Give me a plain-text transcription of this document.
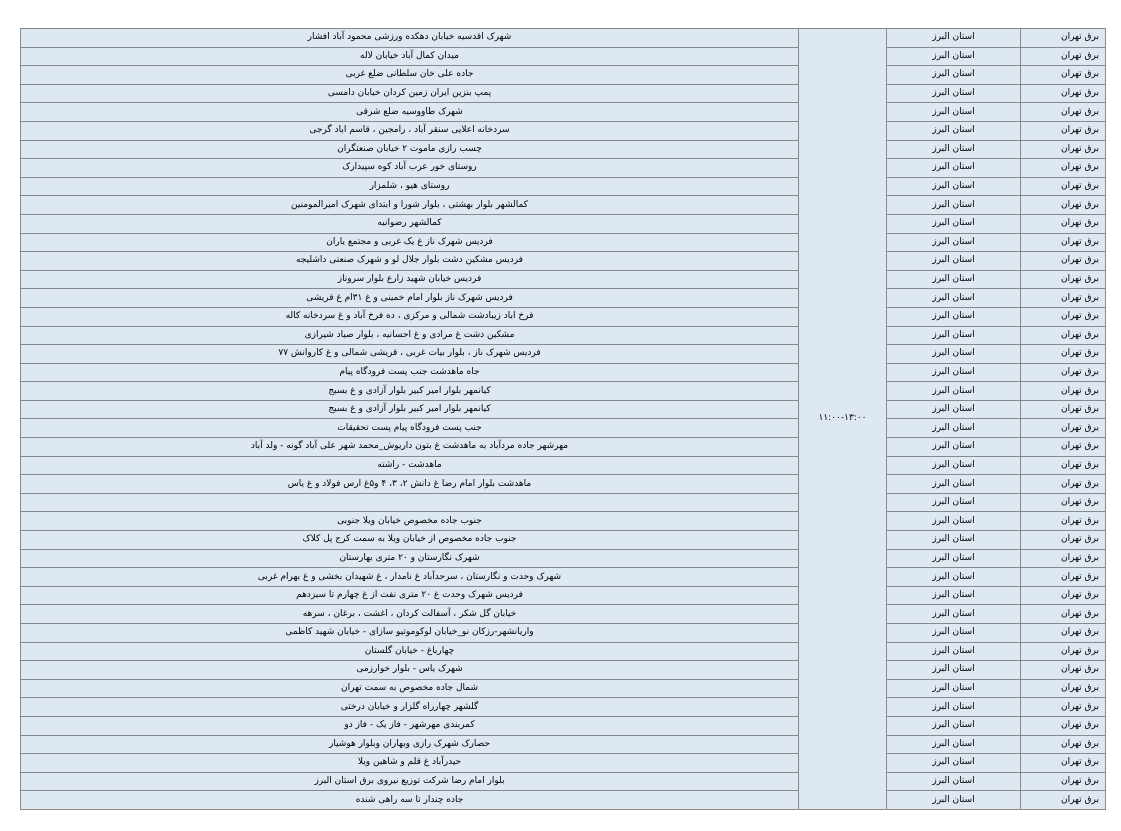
برق تهران	استان البرز	۱۱:۰۰-۱۳:۰۰	شهرک اقدسیه خیابان دهکده ورزشی محمود آباد افشار
برق تهران	استان البرز		میدان کمال آباد خیابان لاله
برق تهران	استان البرز		جاده علی خان سلطانی ضلع غربی
برق تهران	استان البرز		پمپ بنزین ایران زمین کردان خیابان دامسی
برق تهران	استان البرز		شهرک طاووسیه ضلع شرقی
برق تهران	استان البرز		سردخانه اعلایی سنقر آباد ، رامجین ، قاسم اباد گرجی
برق تهران	استان البرز		چسب رازی ماموت ۲ خیابان صنعتگران
برق تهران	استان البرز		روستای خور عرب آباد کوه سپیدارک
برق تهران	استان البرز		روستای هیو ، شلمزار
برق تهران	استان البرز		کمالشهر بلوار بهشتی ، بلوار شورا و ابتدای شهرک امیرالمومنین
برق تهران	استان البرز		کمالشهر رضوانیه
برق تهران	استان البرز		فردیس شهرک ناز غ یک غربی و مجتمع یاران
برق تهران	استان البرز		فردیس مشکین دشت بلوار جلال لو و شهرک صنعتی داشلیجه
برق تهران	استان البرز		فردیس خیابان شهید زارع بلوار سروناز
برق تهران	استان البرز		فردیس شهرک ناز بلوار امام خمینی و غ ۳۱ام غ قریشی
برق تهران	استان البرز		فرخ اباد زیبادشت شمالی و مرکزی ، ده فرخ آباد و غ سردخانه کاله
برق تهران	استان البرز		مشکین دشت غ مرادی و غ احسانیه ، بلوار صیاد شیرازی
برق تهران	استان البرز		فردیس شهرک ناز ، بلوار بیات غربی ، قریشی شمالی و غ کاروانش ۷۷
برق تهران	استان البرز		جاه ماهدشت جنب پست فرودگاه پیام
برق تهران	استان البرز		کیانمهر بلوار امیر کبیر بلوار آزادی و غ بسیج
برق تهران	استان البرز		کیانمهر بلوار امیر کبیر بلوار آزادی و غ بسیج
برق تهران	استان البرز		جنب پست فرودگاه پیام پست تحقیقات
برق تهران	استان البرز		مهرشهر جاده مردآباد به ماهدشت غ بتون داریوش_محمد شهر علی آباد گونه - ولد آباد
برق تهران	استان البرز		ماهدشت - راشته
برق تهران	استان البرز		ماهدشت بلوار امام رضا غ دانش ۲، ۳، ۴ و۵غ ارس فولاد و غ یاس
برق تهران	استان البرز		
برق تهران	استان البرز		جنوب جاده مخصوص خیابان ویلا جنوبی
برق تهران	استان البرز		جنوب جاده مخصوص از خیابان ویلا به سمت کرج پل کلاک
برق تهران	استان البرز		شهرک نگارستان و ۲۰ متری بهارستان
برق تهران	استان البرز		شهرک وحدت و نگارستان ، سرحدآباد غ نامدار ، غ شهیدان بخشی و غ بهرام غربی
برق تهران	استان البرز		فردیس شهرک وحدت غ ۲۰ متری نفت از غ چهارم تا سیزدهم
برق تهران	استان البرز		خیابان گل شکر ، آسفالت کردان ، اغشت ، برغان ، سرهه
برق تهران	استان البرز		واریانشهر-رزکان نو_خیابان لوکوموتیو سازای - خیابان شهید کاظمی
برق تهران	استان البرز		چهارباغ - خیابان گلستان
برق تهران	استان البرز		شهرک یاس - بلوار خوارزمی
برق تهران	استان البرز		شمال جاده مخصوص به سمت تهران
برق تهران	استان البرز		گلشهر چهارراه گلزار و خیابان درختی
برق تهران	استان البرز		کمربندی مهرشهر - فاز یک - فاز دو
برق تهران	استان البرز		حصارک شهرک رازی وبهاران وبلوار هوشیار
برق تهران	استان البرز		حیدرآباد غ قلم و شاهین ویلا
برق تهران	استان البرز		بلوار امام رضا شرکت توزیع نیروی برق استان البرز
برق تهران	استان البرز		جاده چندار تا سه راهی شنده
